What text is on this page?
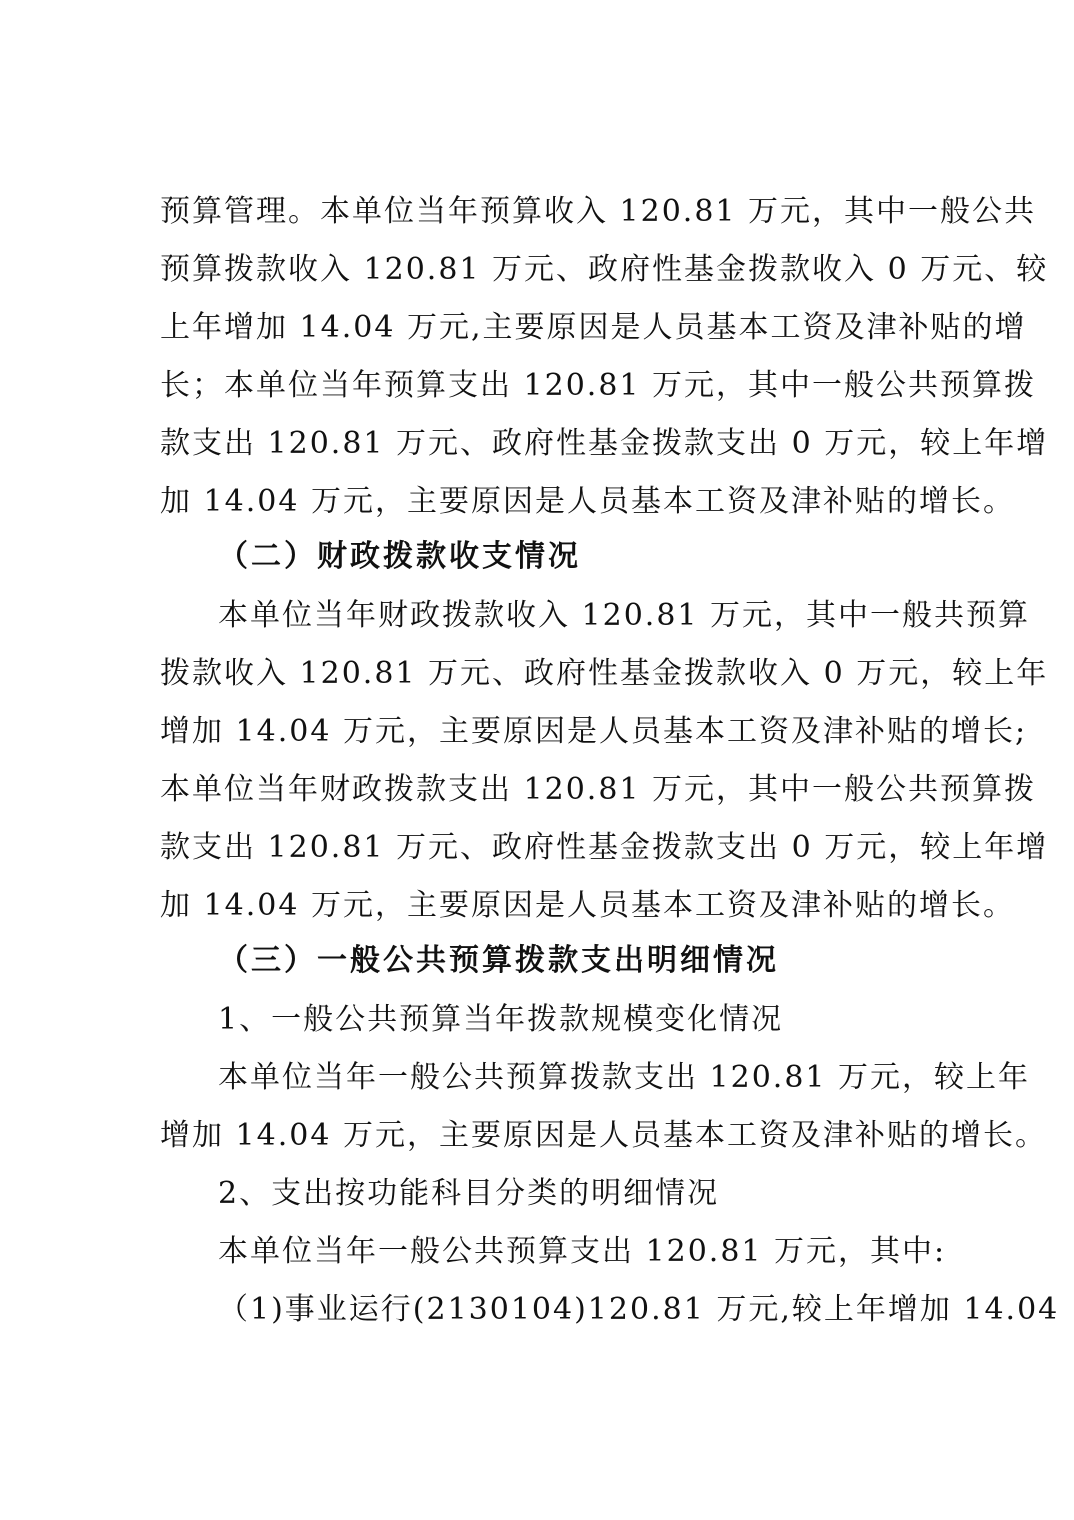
预算管理。本单位当年预算收入 120.81 万元，其中一般公共
预算拨款收入 120.81 万元、政府性基金拨款收入 0 万元、较
上年增加 14.04 万元,主要原因是人员基本工资及津补贴的增
长；本单位当年预算支出 120.81 万元，其中一般公共预算拨
款支出 120.81 万元、政府性基金拨款支出 0 万元，较上年增
加 14.04 万元，主要原因是人员基本工资及津补贴的增长。
（二）财政拨款收支情况
本单位当年财政拨款收入 120.81 万元，其中一般共预算
拨款收入 120.81 万元、政府性基金拨款收入 0 万元，较上年
增加 14.04 万元，主要原因是人员基本工资及津补贴的增长;
本单位当年财政拨款支出 120.81 万元，其中一般公共预算拨
款支出 120.81 万元、政府性基金拨款支出 0 万元，较上年增
加 14.04 万元，主要原因是人员基本工资及津补贴的增长。
（三）一般公共预算拨款支出明细情况
1、一般公共预算当年拨款规模变化情况
本单位当年一般公共预算拨款支出 120.81 万元，较上年
增加 14.04 万元，主要原因是人员基本工资及津补贴的增长。
2、支出按功能科目分类的明细情况
本单位当年一般公共预算支出 120.81 万元，其中:
（1)事业运行(2130104)120.81 万元,较上年增加 14.04
